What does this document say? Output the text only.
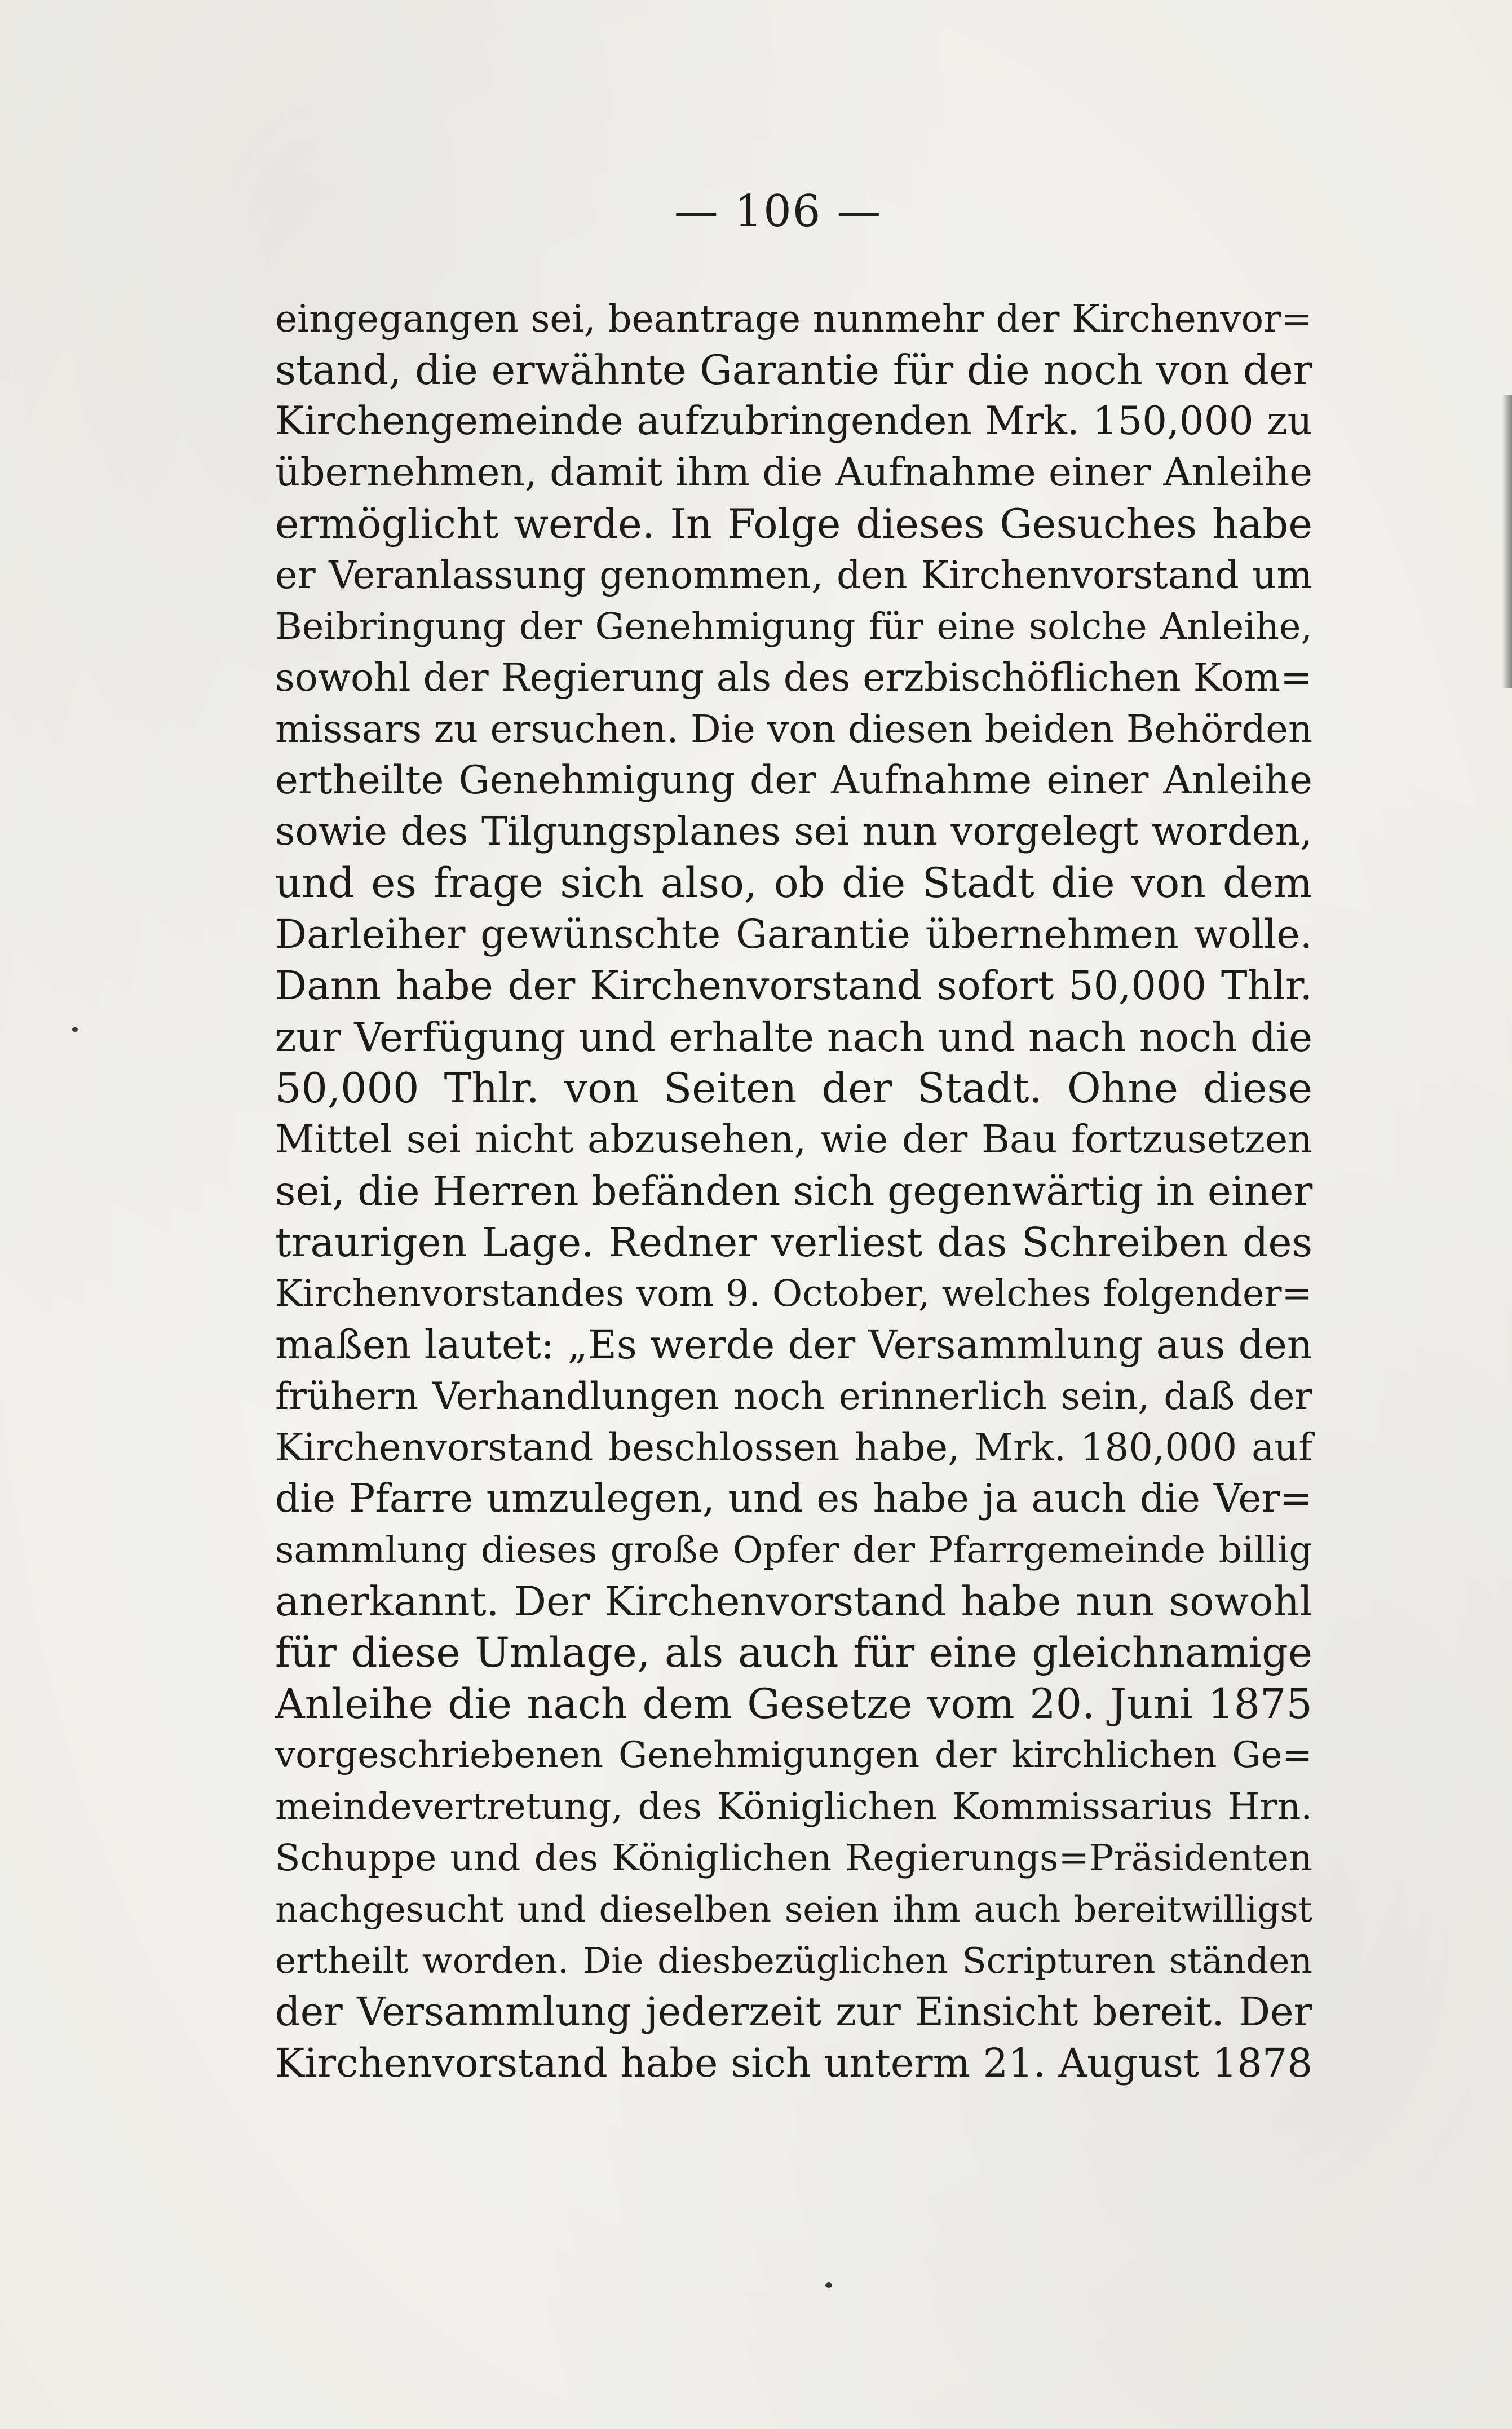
— 106 —
eingegangen sei, beantrage nunmehr der Kirchenvor=
stand, die erwähnte Garantie für die noch von der
Kirchengemeinde aufzubringenden Mrk. 150,000 zu
übernehmen, damit ihm die Aufnahme einer Anleihe
ermöglicht werde. In Folge dieses Gesuches habe
er Veranlassung genommen, den Kirchenvorstand um
Beibringung der Genehmigung für eine solche Anleihe,
sowohl der Regierung als des erzbischöflichen Kom=
missars zu ersuchen. Die von diesen beiden Behörden
ertheilte Genehmigung der Aufnahme einer Anleihe
sowie des Tilgungsplanes sei nun vorgelegt worden,
und es frage sich also, ob die Stadt die von dem
Darleiher gewünschte Garantie übernehmen wolle.
Dann habe der Kirchenvorstand sofort 50,000 Thlr.
zur Verfügung und erhalte nach und nach noch die
50,000 Thlr. von Seiten der Stadt. Ohne diese
Mittel sei nicht abzusehen, wie der Bau fortzusetzen
sei, die Herren befänden sich gegenwärtig in einer
traurigen Lage. Redner verliest das Schreiben des
Kirchenvorstandes vom 9. October, welches folgender=
maßen lautet: „Es werde der Versammlung aus den
frühern Verhandlungen noch erinnerlich sein, daß der
Kirchenvorstand beschlossen habe, Mrk. 180,000 auf
die Pfarre umzulegen, und es habe ja auch die Ver=
sammlung dieses große Opfer der Pfarrgemeinde billig
anerkannt. Der Kirchenvorstand habe nun sowohl
für diese Umlage, als auch für eine gleichnamige
Anleihe die nach dem Gesetze vom 20. Juni 1875
vorgeschriebenen Genehmigungen der kirchlichen Ge=
meindevertretung, des Königlichen Kommissarius Hrn.
Schuppe und des Königlichen Regierungs=Präsidenten
nachgesucht und dieselben seien ihm auch bereitwilligst
ertheilt worden. Die diesbezüglichen Scripturen ständen
der Versammlung jederzeit zur Einsicht bereit. Der
Kirchenvorstand habe sich unterm 21. August 1878
